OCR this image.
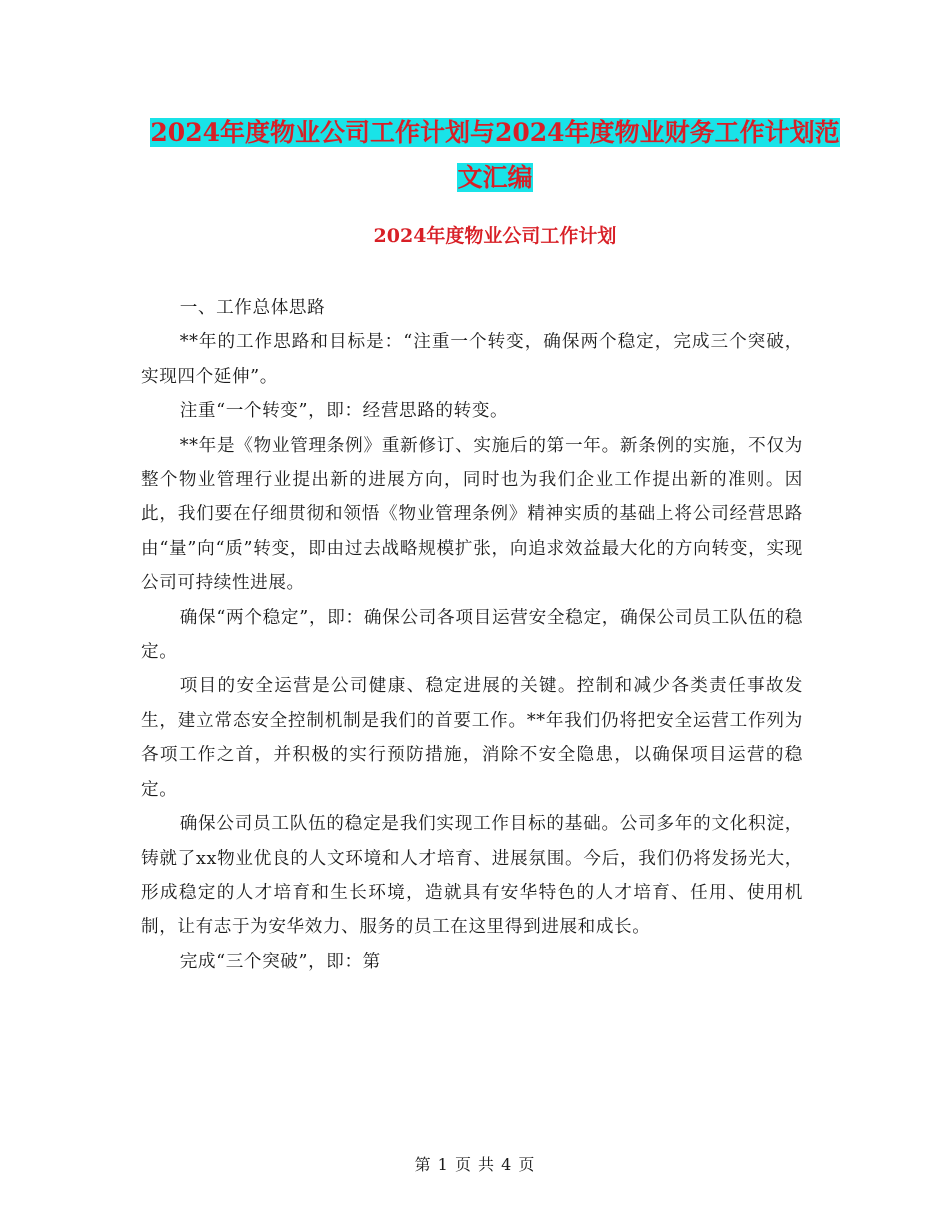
2024年度物业公司工作计划与2024年度物业财务工作计划范文汇编
2024年度物业公司工作计划

一、工作总体思路

**年的工作思路和目标是：“注重一个转变，确保两个稳定，完成三个突破，实现四个延伸”。

注重“一个转变”，即：经营思路的转变。

**年是《物业管理条例》重新修订、实施后的第一年。新条例的实施，不仅为整个物业管理行业提出新的进展方向，同时也为我们企业工作提出新的准则。因此，我们要在仔细贯彻和领悟《物业管理条例》精神实质的基础上将公司经营思路由“量”向“质”转变，即由过去战略规模扩张，向追求效益最大化的方向转变，实现公司可持续性进展。

确保“两个稳定”，即：确保公司各项目运营安全稳定，确保公司员工队伍的稳定。

项目的安全运营是公司健康、稳定进展的关键。控制和减少各类责任事故发生，建立常态安全控制机制是我们的首要工作。**年我们仍将把安全运营工作列为各项工作之首，并积极的实行预防措施，消除不安全隐患，以确保项目运营的稳定。

确保公司员工队伍的稳定是我们实现工作目标的基础。公司多年的文化积淀，铸就了xx物业优良的人文环境和人才培育、进展氛围。今后，我们仍将发扬光大，形成稳定的人才培育和生长环境，造就具有安华特色的人才培育、任用、使用机制，让有志于为安华效力、服务的员工在这里得到进展和成长。

完成“三个突破”，即：第

第 1 页 共 4 页
